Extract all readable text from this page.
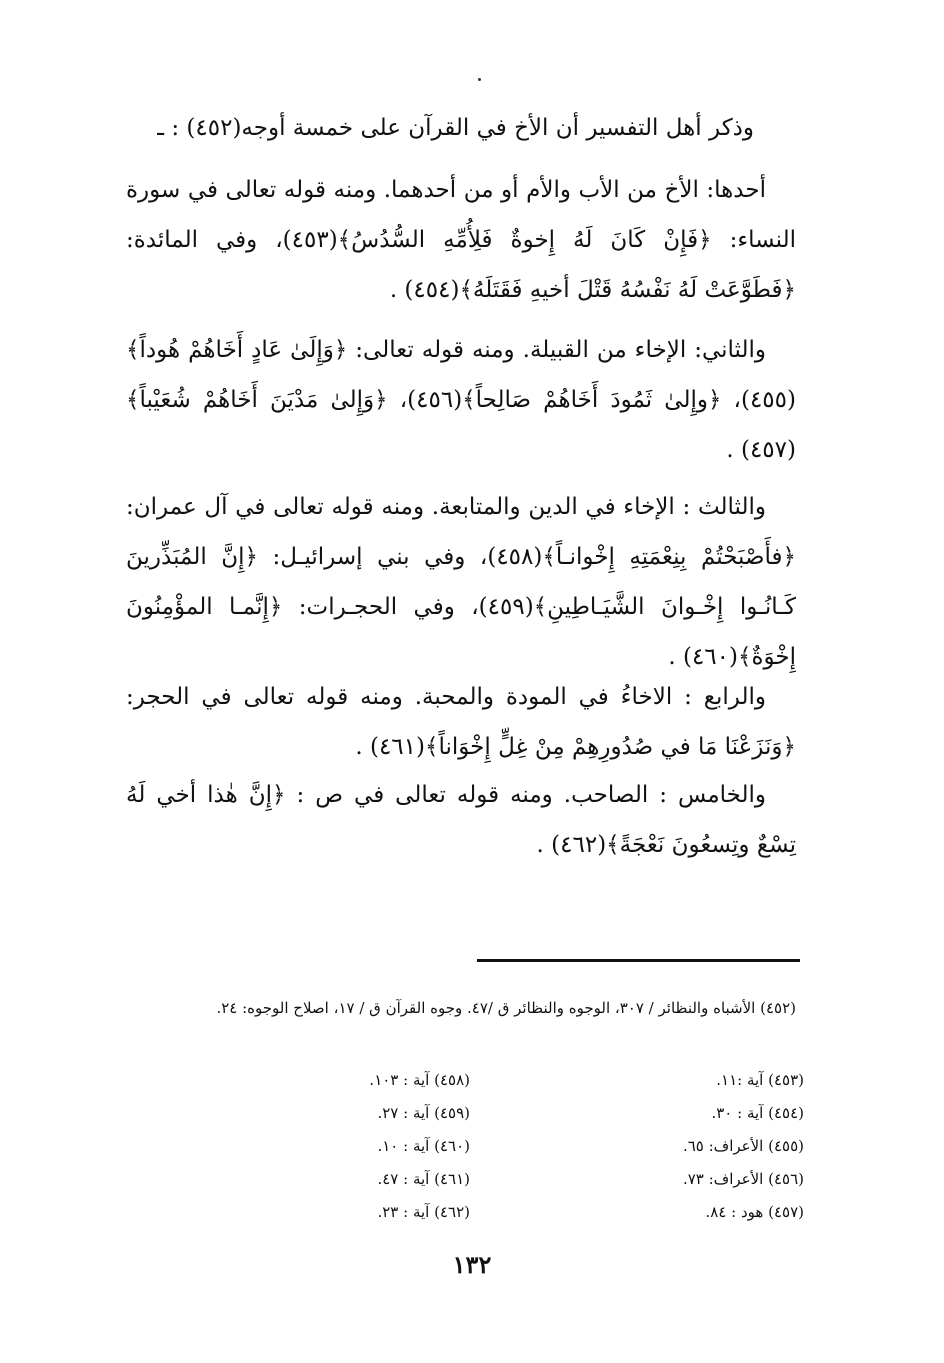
وذكر أهل التفسير أن الأخ في القرآن على خمسة أوجه(٤٥٢) : ـ

أحدها: الأخ من الأب والأم أو من أحدهما. ومنه قوله تعالى في سورة النساء: ﴿فَإِنْ كَانَ لَهُ إِخوةٌ فَلِأُمِّهِ السُّدُسُ﴾(٤٥٣)، وفي المائدة: ﴿فَطَوَّعَتْ لَهُ نَفْسُهُ قَتْلَ أخيهِ فَقَتَلَهُ﴾(٤٥٤) .

والثاني: الإخاء من القبيلة. ومنه قوله تعالى: ﴿وَإِلَىٰ عَادٍ أَخَاهُمْ هُوداً﴾(٤٥٥)، ﴿وإِلىٰ ثَمُودَ أَخَاهُمْ صَالِحاً﴾(٤٥٦)، ﴿وَإِلىٰ مَدْيَنَ أَخَاهُمْ شُعَيْباً﴾(٤٥٧) .

والثالث : الإخاء في الدين والمتابعة. ومنه قوله تعالى في آل عمران: ﴿فأَصْبَحْتُمْ بِنِعْمَتِهِ إِخْوانـاً﴾(٤٥٨)، وفي بني إسرائيـل: ﴿إِنَّ المُبَذِّرينَ كَـانُـوا إِخْـوانَ الشَّيَـاطِينِ﴾(٤٥٩)، وفي الحجـرات: ﴿إِنَّمـا المؤْمِنُونَ إِخْوَةٌ﴾(٤٦٠) .

والرابع : الاخاءُ في المودة والمحبة. ومنه قوله تعالى في الحجر: ﴿وَنَزَعْنَا مَا في صُدُورِهِمْ مِنْ غِلٍّ إِخْوَاناً﴾(٤٦١) .

والخامس : الصاحب. ومنه قوله تعالى في ص : ﴿إِنَّ هٰذا أخي لَهُ تِسْعٌ وتِسعُونَ نَعْجَةً﴾(٤٦٢) .

(٤٥٢) الأشباه والنظائر / ٣٠٧، الوجوه والنظائر ق /٤٧. وجوه القرآن ق / ١٧، اصلاح الوجوه: ٢٤.
(٤٥٣) آية :١١.
(٤٥٤) آية : ٣٠.
(٤٥٥) الأعراف: ٦٥.
(٤٥٦) الأعراف: ٧٣.
(٤٥٧) هود : ٨٤.
(٤٥٨) آية : ١٠٣.
(٤٥٩) آية : ٢٧.
(٤٦٠) آية : ١٠.
(٤٦١) آية : ٤٧.
(٤٦٢) آية : ٢٣.
١٣٢
